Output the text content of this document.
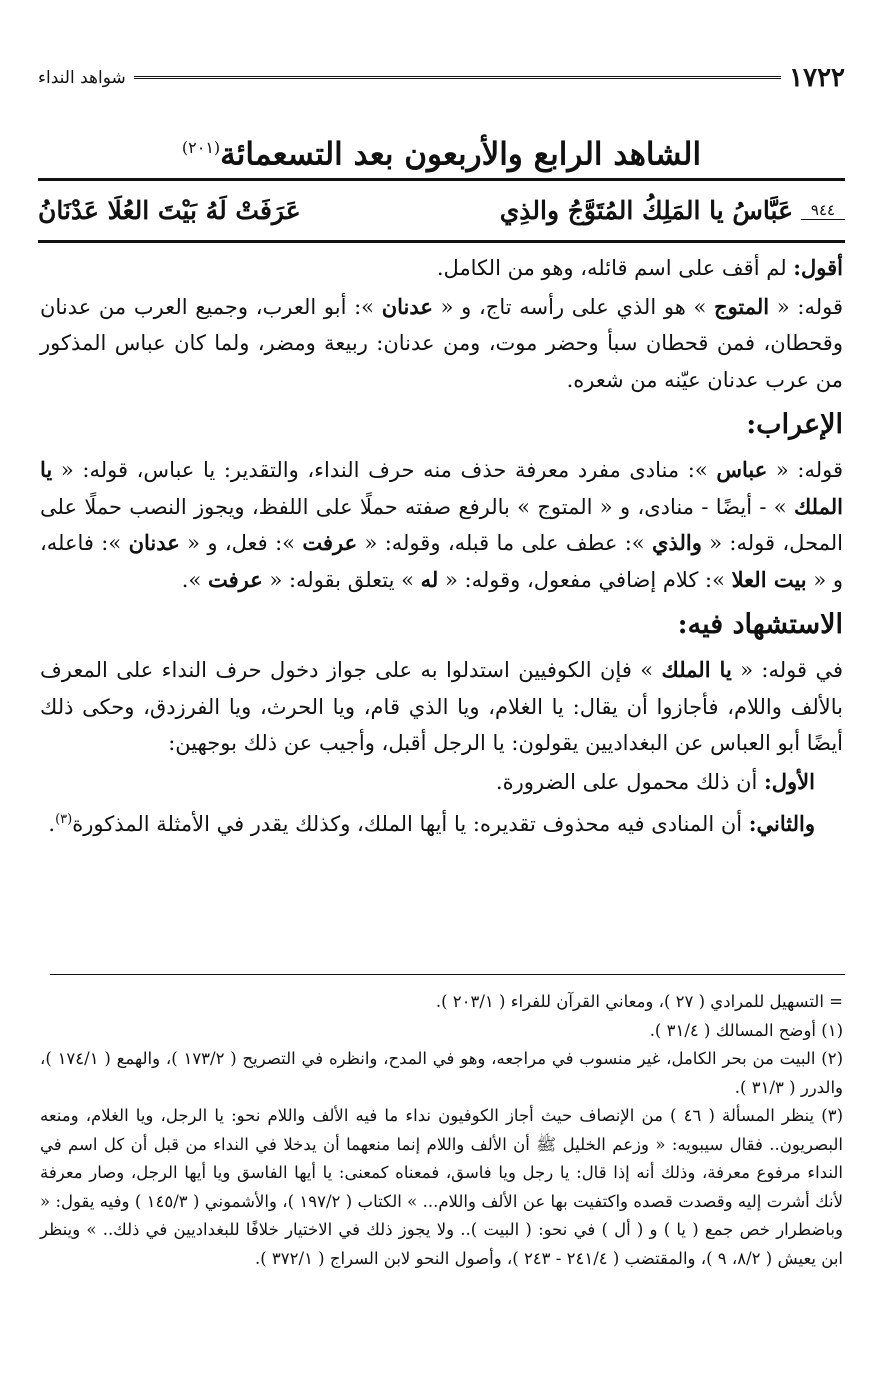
١٧٢٢
شواهد النداء
الشاهد الرابع والأربعون بعد التسعمائة$^{(٢٠١)}$
٩٤٤
عَبَّاسُ يا المَلِكُ المُتَوَّجُ والذِي
عَرَفَتْ لَهُ بَيْتَ العُلَا عَدْنَانُ

أقول: لم أقف على اسم قائله، وهو من الكامل.

قوله: « المتوج » هو الذي على رأسه تاج، و « عدنان »: أبو العرب، وجميع العرب من عدنان وقحطان، فمن قحطان سبأ وحضر موت، ومن عدنان: ربيعة ومضر، ولما كان عباس المذكور من عرب عدنان عيّنه من شعره.

الإعراب:

قوله: « عباس »: منادى مفرد معرفة حذف منه حرف النداء، والتقدير: يا عباس، قوله: « يا الملك » - أيضًا - منادى، و « المتوج » بالرفع صفته حملًا على اللفظ، ويجوز النصب حملًا على المحل، قوله: « والذي »: عطف على ما قبله، وقوله: « عرفت »: فعل، و « عدنان »: فاعله، و « بيت العلا »: كلام إضافي مفعول، وقوله: « له » يتعلق بقوله: « عرفت ».

الاستشهاد فيه:

في قوله: « يا الملك » فإن الكوفيين استدلوا به على جواز دخول حرف النداء على المعرف بالألف واللام، فأجازوا أن يقال: يا الغلام، ويا الذي قام، ويا الحرث، ويا الفرزدق، وحكى ذلك أيضًا أبو العباس عن البغداديين يقولون: يا الرجل أقبل، وأجيب عن ذلك بوجهين:

الأول: أن ذلك محمول على الضرورة.

والثاني: أن المنادى فيه محذوف تقديره: يا أيها الملك، وكذلك يقدر في الأمثلة المذكورة$^{(٣)}$.

= التسهيل للمرادي ( ٢٧ )، ومعاني القرآن للفراء ( ٢٠٣/١ ).

(١) أوضح المسالك ( ٣١/٤ ).

(٢) البيت من بحر الكامل، غير منسوب في مراجعه، وهو في المدح، وانظره في التصريح ( ١٧٣/٢ )، والهمع ( ١٧٤/١ )، والدرر ( ٣١/٣ ).

(٣) ينظر المسألة ( ٤٦ ) من الإنصاف حيث أجاز الكوفيون نداء ما فيه الألف واللام نحو: يا الرجل، ويا الغلام، ومنعه البصريون.. فقال سيبويه: « وزعم الخليل ﷺ أن الألف واللام إنما منعهما أن يدخلا في النداء من قبل أن كل اسم في النداء مرفوع معرفة، وذلك أنه إذا قال: يا رجل ويا فاسق، فمعناه كمعنى: يا أيها الفاسق ويا أيها الرجل، وصار معرفة لأنك أشرت إليه وقصدت قصده واكتفيت بها عن الألف واللام... » الكتاب ( ١٩٧/٢ )، والأشموني ( ١٤٥/٣ ) وفيه يقول: « وباضطرار خص جمع ( يا ) و ( أل ) في نحو: ( البيت ).. ولا يجوز ذلك في الاختيار خلافًا للبغداديين في ذلك.. » وينظر ابن يعيش ( ٨/٢، ٩ )، والمقتضب ( ٢٤١/٤ - ٢٤٣ )، وأصول النحو لابن السراج ( ٣٧٢/١ ).
